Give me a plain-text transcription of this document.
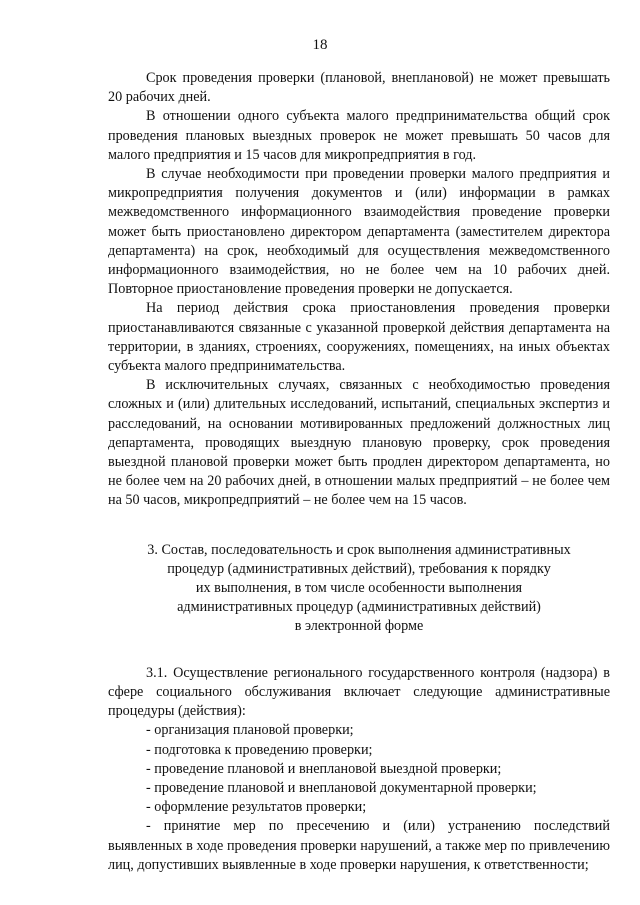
18

Срок проведения проверки (плановой, внеплановой) не может превышать 20 рабочих дней.

В отношении одного субъекта малого предпринимательства общий срок проведения плановых выездных проверок не может превышать 50 часов для малого предприятия и 15 часов для микропредприятия в год.

В случае необходимости при проведении проверки малого предприятия и микропредприятия получения документов и (или) информации в рамках межведомственного информационного взаимодействия проведение проверки может быть приостановлено директором департамента (заместителем директора департамента) на срок, необходимый для осуществления межведомственного информационного взаимодействия, но не более чем на 10 рабочих дней. Повторное приостановление проведения проверки не допускается.

На период действия срока приостановления проведения проверки приостанавливаются связанные с указанной проверкой действия департамента на территории, в зданиях, строениях, сооружениях, помещениях, на иных объектах субъекта малого предпринимательства.

В исключительных случаях, связанных с необходимостью проведения сложных и (или) длительных исследований, испытаний, специальных экспертиз и расследований, на основании мотивированных предложений должностных лиц департамента, проводящих выездную плановую проверку, срок проведения выездной плановой проверки может быть продлен директором департамента, но не более чем на 20 рабочих дней, в отношении малых предприятий – не более чем на 50 часов, микропредприятий – не более чем на 15 часов.

3. Состав, последовательность и срок выполнения административных
процедур (административных действий), требования к порядку
их выполнения, в том числе особенности выполнения
административных процедур (административных действий)
в электронной форме

3.1. Осуществление регионального государственного контроля (надзора) в сфере социального обслуживания включает следующие административные процедуры (действия):

- организация плановой проверки;
- подготовка к проведению проверки;
- проведение плановой и внеплановой выездной проверки;
- проведение плановой и внеплановой документарной проверки;
- оформление результатов проверки;
- принятие мер по пресечению и (или) устранению последствий выявленных в ходе проведения проверки нарушений, а также мер по привлечению лиц, допустивших выявленные в ходе проверки нарушения, к ответственности;
